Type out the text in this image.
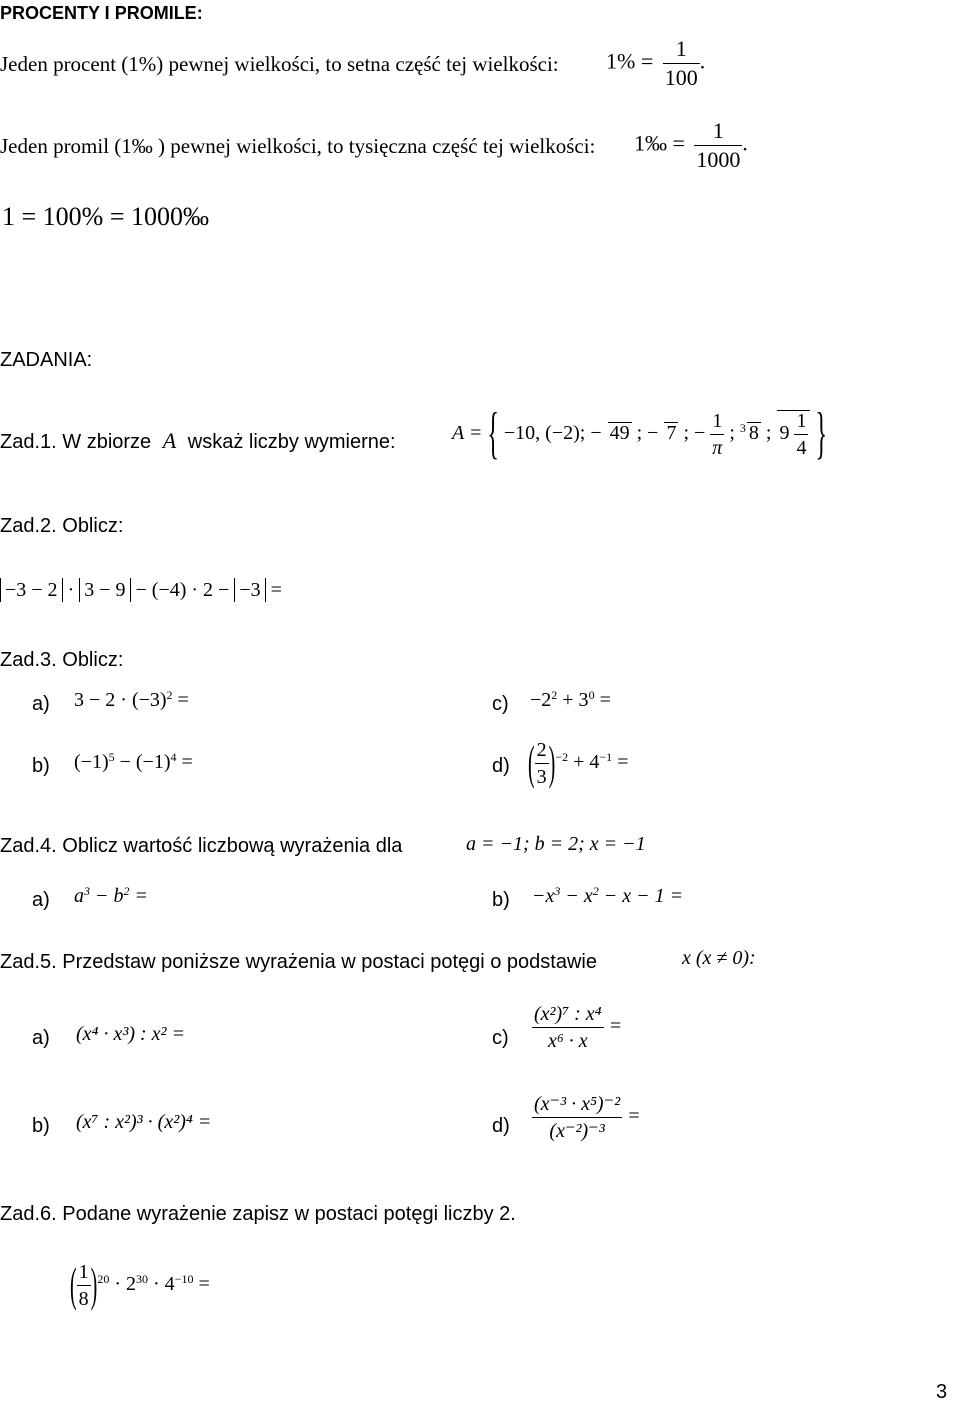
PROCENTY I PROMILE:
Jeden procent (1%) pewnej wielkości, to setna część tej wielkości: $1\% = \frac{1}{100}$ .
Jeden promil (1‰ ) pewnej wielkości, to tysięczna część tej wielkości: 1‰ = $\frac{1}{1000}$ .
1 = 100% = 1000‰
ZADANIA:
Zad.1. W zbiorze A wskaż liczby wymierne:	A = { −10, (−2); − 49 ; − 7 ; − $\frac{1}{\pi}$ ; $^3$ 8 ; $9 \frac{1}{4}$ }
Zad.2. Oblicz:
−3 − 2 · 3 − 9 − (−4) · 2 − −3 =
Zad.3. Oblicz:
a) $3 - 2 \cdot (-3)^2$ =	$c) -2^2 + 3^0$ =
b) $(-1)^5 - (-1)^4$ =	d) ( $\frac{2}{3} )^{-2} + 4^{-1}$ =
Zad.4. Oblicz wartość liczbową wyrażenia dla	a = −1; b = 2; x = −1
a) $a^3 - b^2$ =	$b) -x^3 - x^2 - x - 1$ =
Zad.5. Przedstaw poniższe wyrażenia w postaci potęgi o podstawie	x (x ≠ 0):
a) (x⁴ · x³) : x² =	$c) \frac{\text{(x²)⁷ : x⁴}}{\text{x⁶ · x}}$ =
b) (x⁷ : x²)³ · (x²)⁴ =	$d) \frac{\text{(x⁻³ · x⁵)⁻²}}{\text{(x⁻²)⁻³}}$ =
Zad.6. Podane wyrażenie zapisz w postaci potęgi liczby 2.
( $\frac{1}{8} )^{20} \cdot 2^{30} \cdot 4^{-10}$ =
3
